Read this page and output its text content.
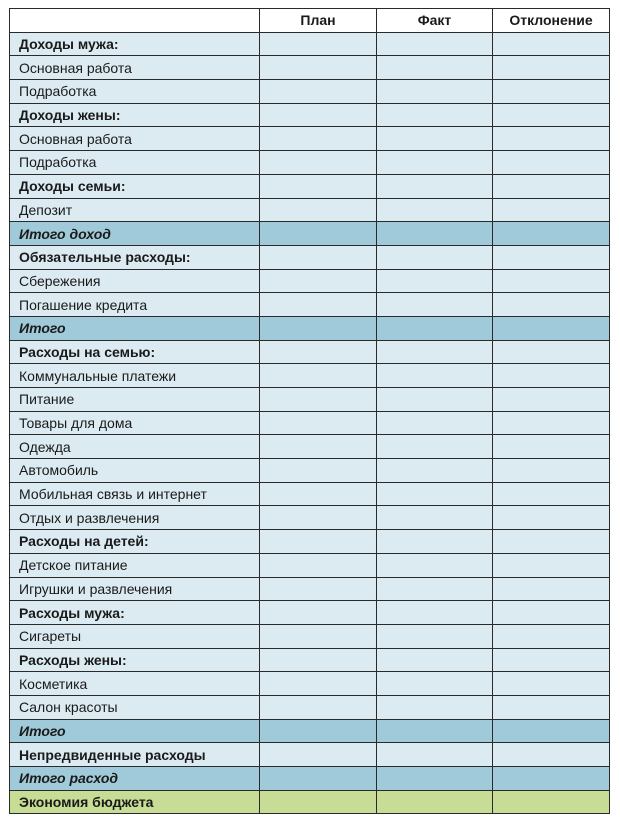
	План	Факт	Отклонение
Доходы мужа:			
Основная работа			
Подработка			
Доходы жены:			
Основная работа			
Подработка			
Доходы семьи:			
Депозит			
Итого доход			
Обязательные расходы:			
Сбережения			
Погашение кредита			
Итого			
Расходы на семью:			
Коммунальные платежи			
Питание			
Товары для дома			
Одежда			
Автомобиль			
Мобильная связь и интернет			
Отдых и развлечения			
Расходы на детей:			
Детское питание			
Игрушки и развлечения			
Расходы мужа:			
Сигареты			
Расходы жены:			
Косметика			
Салон красоты			
Итого			
Непредвиденные расходы			
Итого расход			
Экономия бюджета			
